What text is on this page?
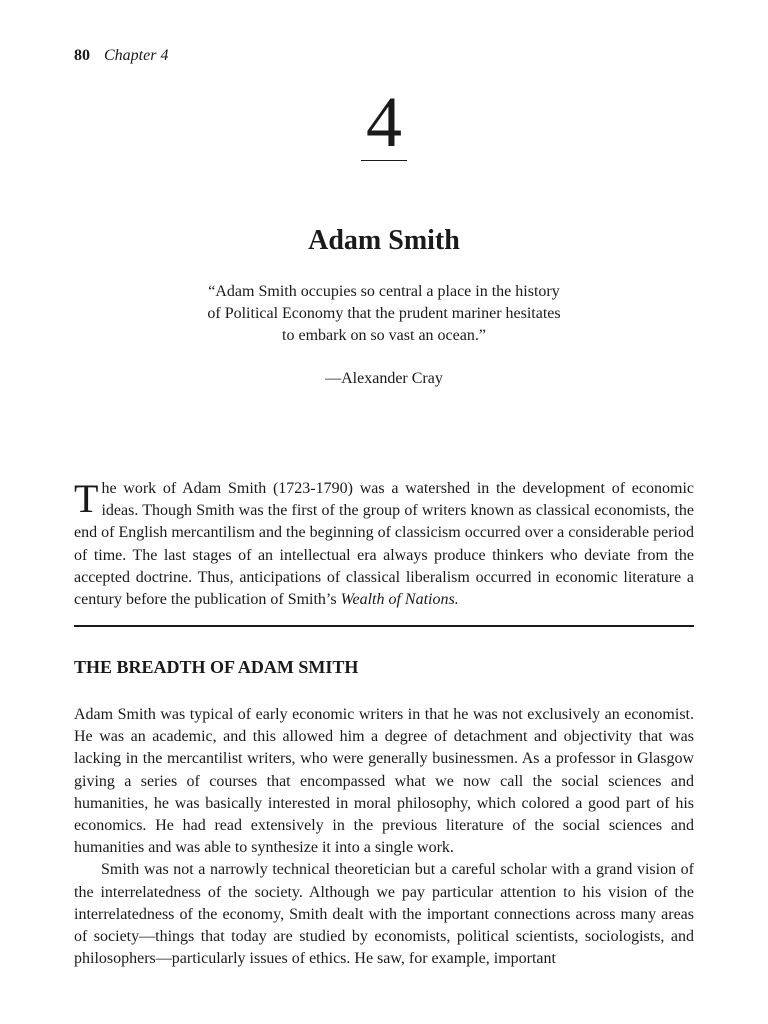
80 Chapter 4
4
Adam Smith

“Adam Smith occupies so central a place in the history of Political Economy that the prudent mariner hesitates to embark on so vast an ocean.”

—Alexander Cray

The work of Adam Smith (1723-1790) was a watershed in the development of economic ideas. Though Smith was the first of the group of writers known as classical economists, the end of English mercantilism and the beginning of classicism occurred over a considerable period of time. The last stages of an intellectual era always produce thinkers who deviate from the accepted doctrine. Thus, anticipations of classical liberalism occurred in economic literature a century before the publication of Smith’s Wealth of Nations.

THE BREADTH OF ADAM SMITH

Adam Smith was typical of early economic writers in that he was not exclusively an economist. He was an academic, and this allowed him a degree of detachment and objectivity that was lacking in the mercantilist writers, who were generally businessmen. As a professor in Glasgow giving a series of courses that encompassed what we now call the social sciences and humanities, he was basically interested in moral philosophy, which colored a good part of his economics. He had read extensively in the previous literature of the social sciences and humanities and was able to synthesize it into a single work.

Smith was not a narrowly technical theoretician but a careful scholar with a grand vision of the interrelatedness of the society. Although we pay particular attention to his vision of the interrelatedness of the economy, Smith dealt with the important connections across many areas of society—things that today are studied by economists, political scientists, sociologists, and philosophers—particularly issues of ethics. He saw, for example, important
